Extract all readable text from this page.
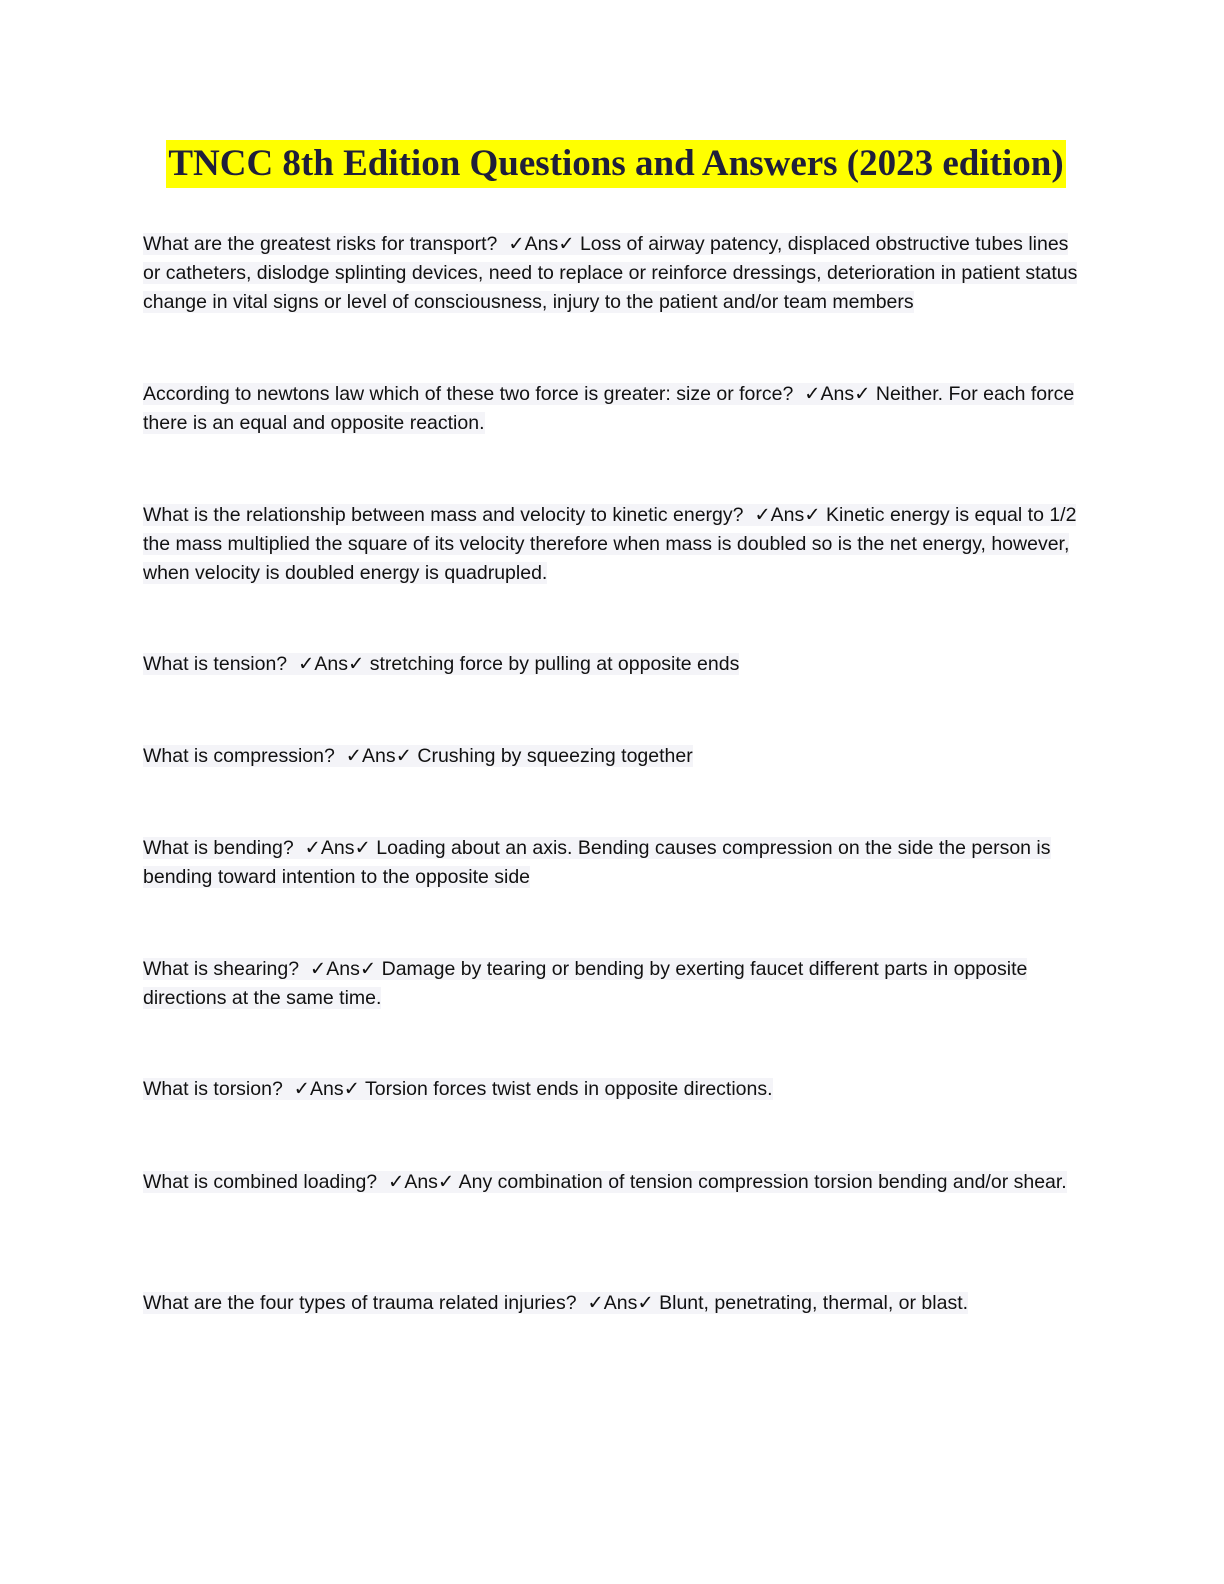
TNCC 8th Edition Questions and Answers (2023 edition)
What are the greatest risks for transport? ✓Ans✓ Loss of airway patency, displaced obstructive tubes lines or catheters, dislodge splinting devices, need to replace or reinforce dressings, deterioration in patient status change in vital signs or level of consciousness, injury to the patient and/or team members
According to newtons law which of these two force is greater: size or force? ✓Ans✓ Neither. For each force there is an equal and opposite reaction.
What is the relationship between mass and velocity to kinetic energy? ✓Ans✓ Kinetic energy is equal to 1/2 the mass multiplied the square of its velocity therefore when mass is doubled so is the net energy, however, when velocity is doubled energy is quadrupled.
What is tension? ✓Ans✓ stretching force by pulling at opposite ends
What is compression? ✓Ans✓ Crushing by squeezing together
What is bending? ✓Ans✓ Loading about an axis. Bending causes compression on the side the person is bending toward intention to the opposite side
What is shearing? ✓Ans✓ Damage by tearing or bending by exerting faucet different parts in opposite directions at the same time.
What is torsion? ✓Ans✓ Torsion forces twist ends in opposite directions.
What is combined loading? ✓Ans✓ Any combination of tension compression torsion bending and/or shear.
What are the four types of trauma related injuries? ✓Ans✓ Blunt, penetrating, thermal, or blast.
